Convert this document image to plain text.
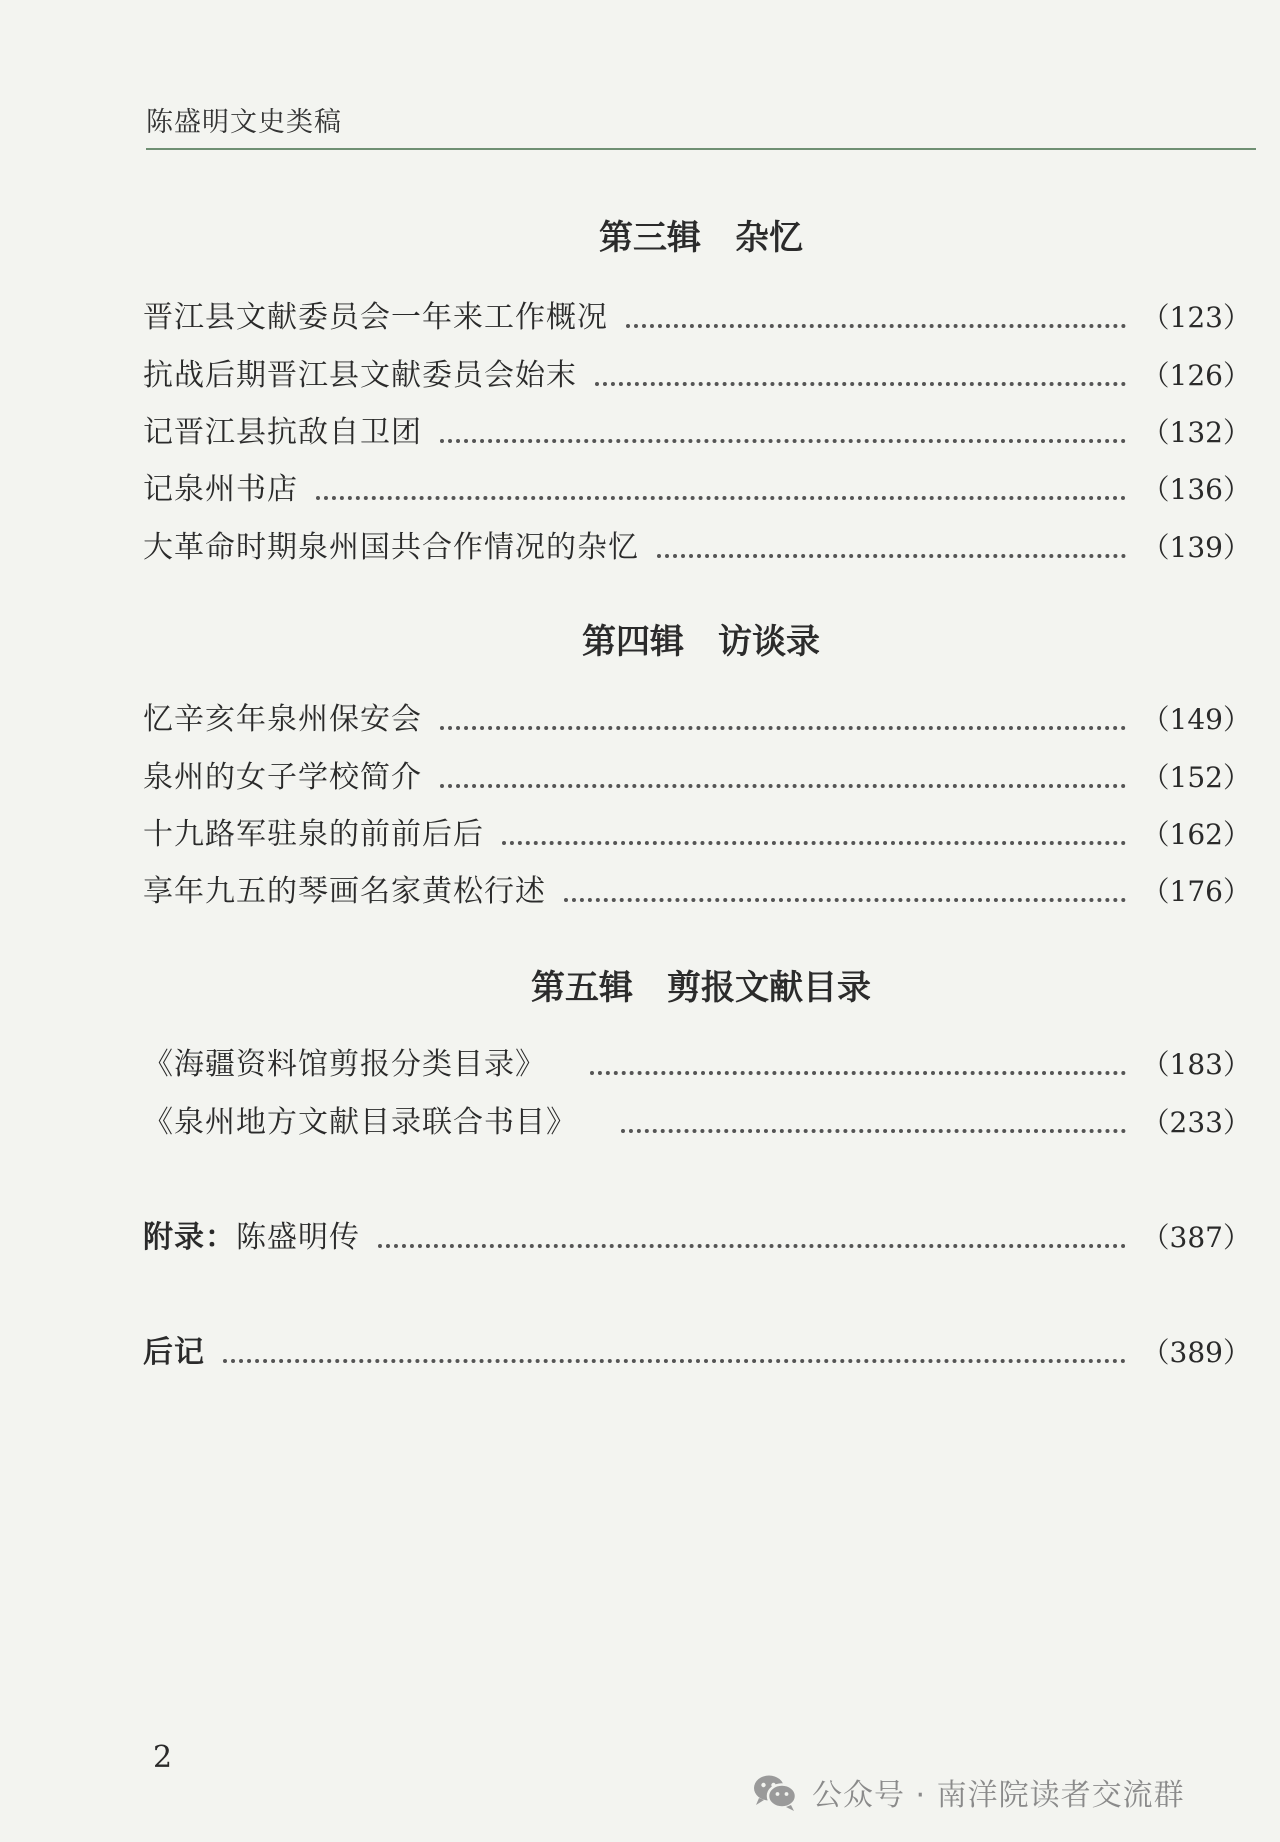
陈盛明文史类稿
第三辑　杂忆
晋江县文献委员会一年来工作概况	（123）
抗战后期晋江县文献委员会始末	（126）
记晋江县抗敌自卫团	（132）
记泉州书店	（136）
大革命时期泉州国共合作情况的杂忆	（139）
第四辑　访谈录
忆辛亥年泉州保安会	（149）
泉州的女子学校简介	（152）
十九路军驻泉的前前后后	（162）
享年九五的琴画名家黄松行述	（176）
第五辑　剪报文献目录
《海疆资料馆剪报分类目录》	（183）
《泉州地方文献目录联合书目》	（233）
附录： 陈盛明传	（387）
后记	（389）
2
公众号 · 南洋院读者交流群
